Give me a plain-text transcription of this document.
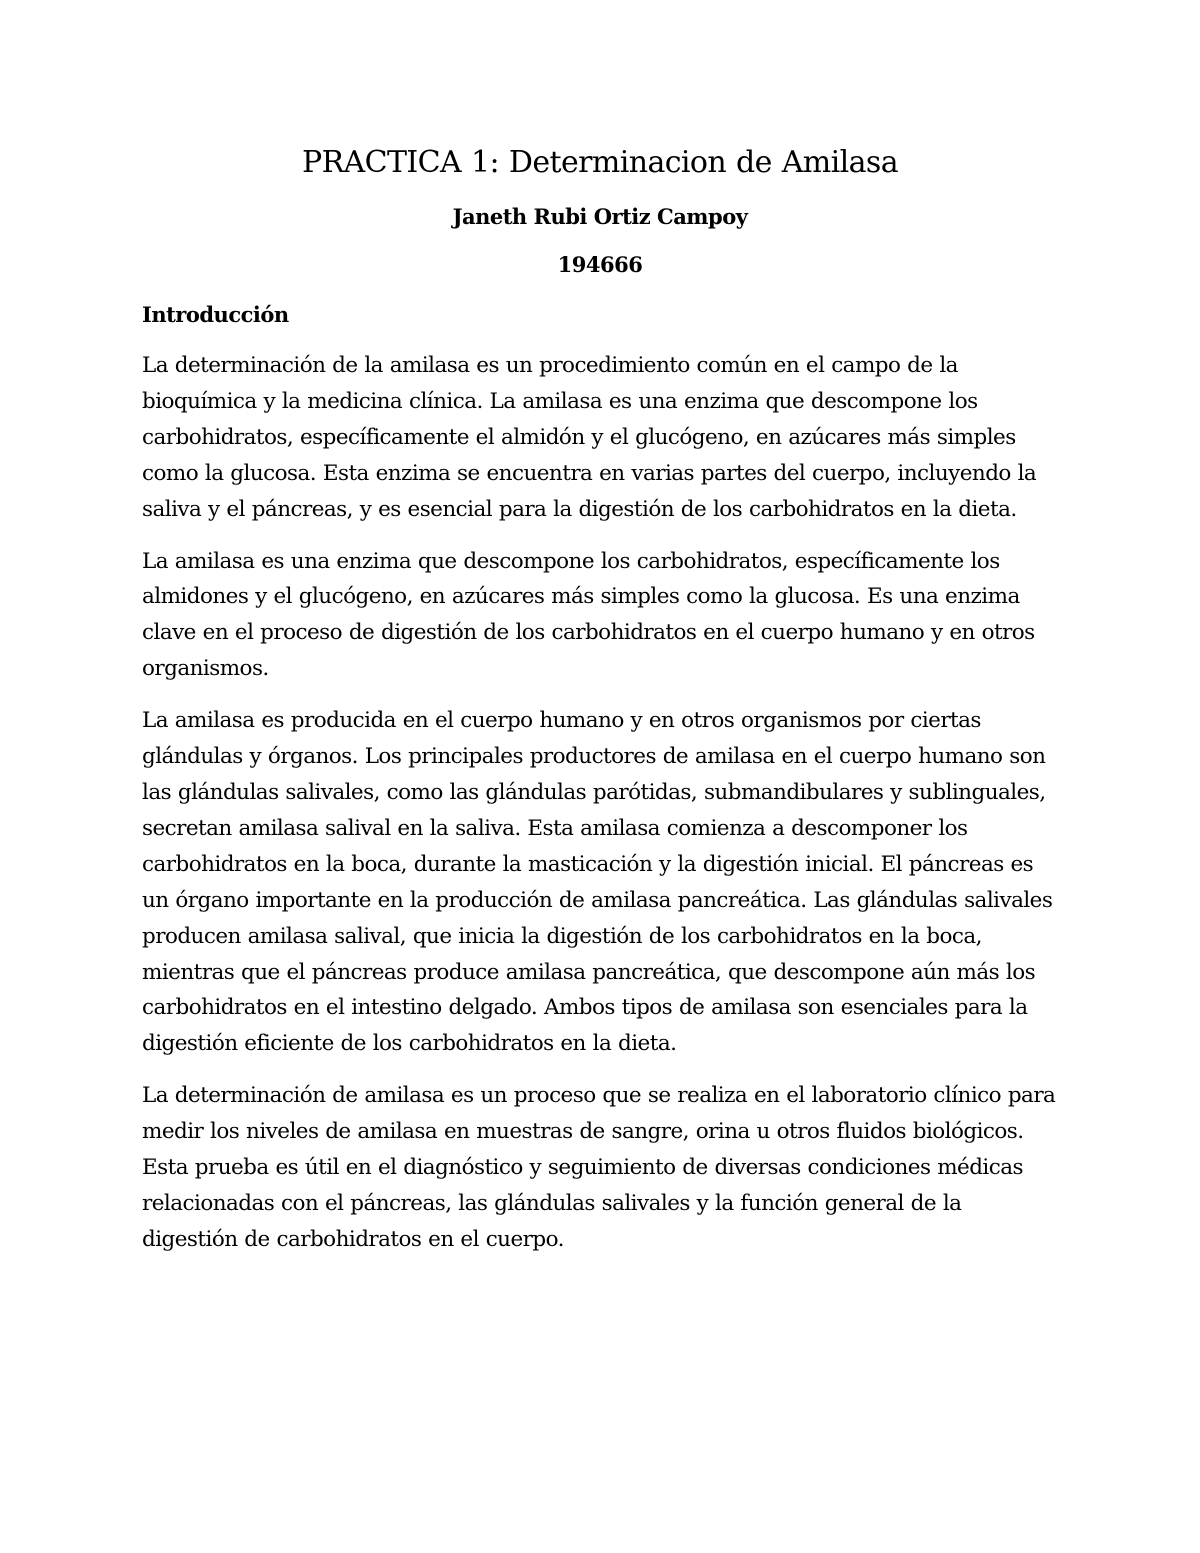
PRACTICA 1: Determinacion de Amilasa
Janeth Rubi Ortiz Campoy
194666
Introducción

La determinación de la amilasa es un procedimiento común en el campo de la bioquímica y la medicina clínica. La amilasa es una enzima que descompone los carbohidratos, específicamente el almidón y el glucógeno, en azúcares más simples como la glucosa. Esta enzima se encuentra en varias partes del cuerpo, incluyendo la saliva y el páncreas, y es esencial para la digestión de los carbohidratos en la dieta.

La amilasa es una enzima que descompone los carbohidratos, específicamente los almidones y el glucógeno, en azúcares más simples como la glucosa. Es una enzima clave en el proceso de digestión de los carbohidratos en el cuerpo humano y en otros organismos.

La amilasa es producida en el cuerpo humano y en otros organismos por ciertas glándulas y órganos. Los principales productores de amilasa en el cuerpo humano son las glándulas salivales, como las glándulas parótidas, submandibulares y sublinguales, secretan amilasa salival en la saliva. Esta amilasa comienza a descomponer los carbohidratos en la boca, durante la masticación y la digestión inicial. El páncreas es un órgano importante en la producción de amilasa pancreática. Las glándulas salivales producen amilasa salival, que inicia la digestión de los carbohidratos en la boca, mientras que el páncreas produce amilasa pancreática, que descompone aún más los carbohidratos en el intestino delgado. Ambos tipos de amilasa son esenciales para la digestión eficiente de los carbohidratos en la dieta.

La determinación de amilasa es un proceso que se realiza en el laboratorio clínico para medir los niveles de amilasa en muestras de sangre, orina u otros fluidos biológicos. Esta prueba es útil en el diagnóstico y seguimiento de diversas condiciones médicas relacionadas con el páncreas, las glándulas salivales y la función general de la digestión de carbohidratos en el cuerpo.
